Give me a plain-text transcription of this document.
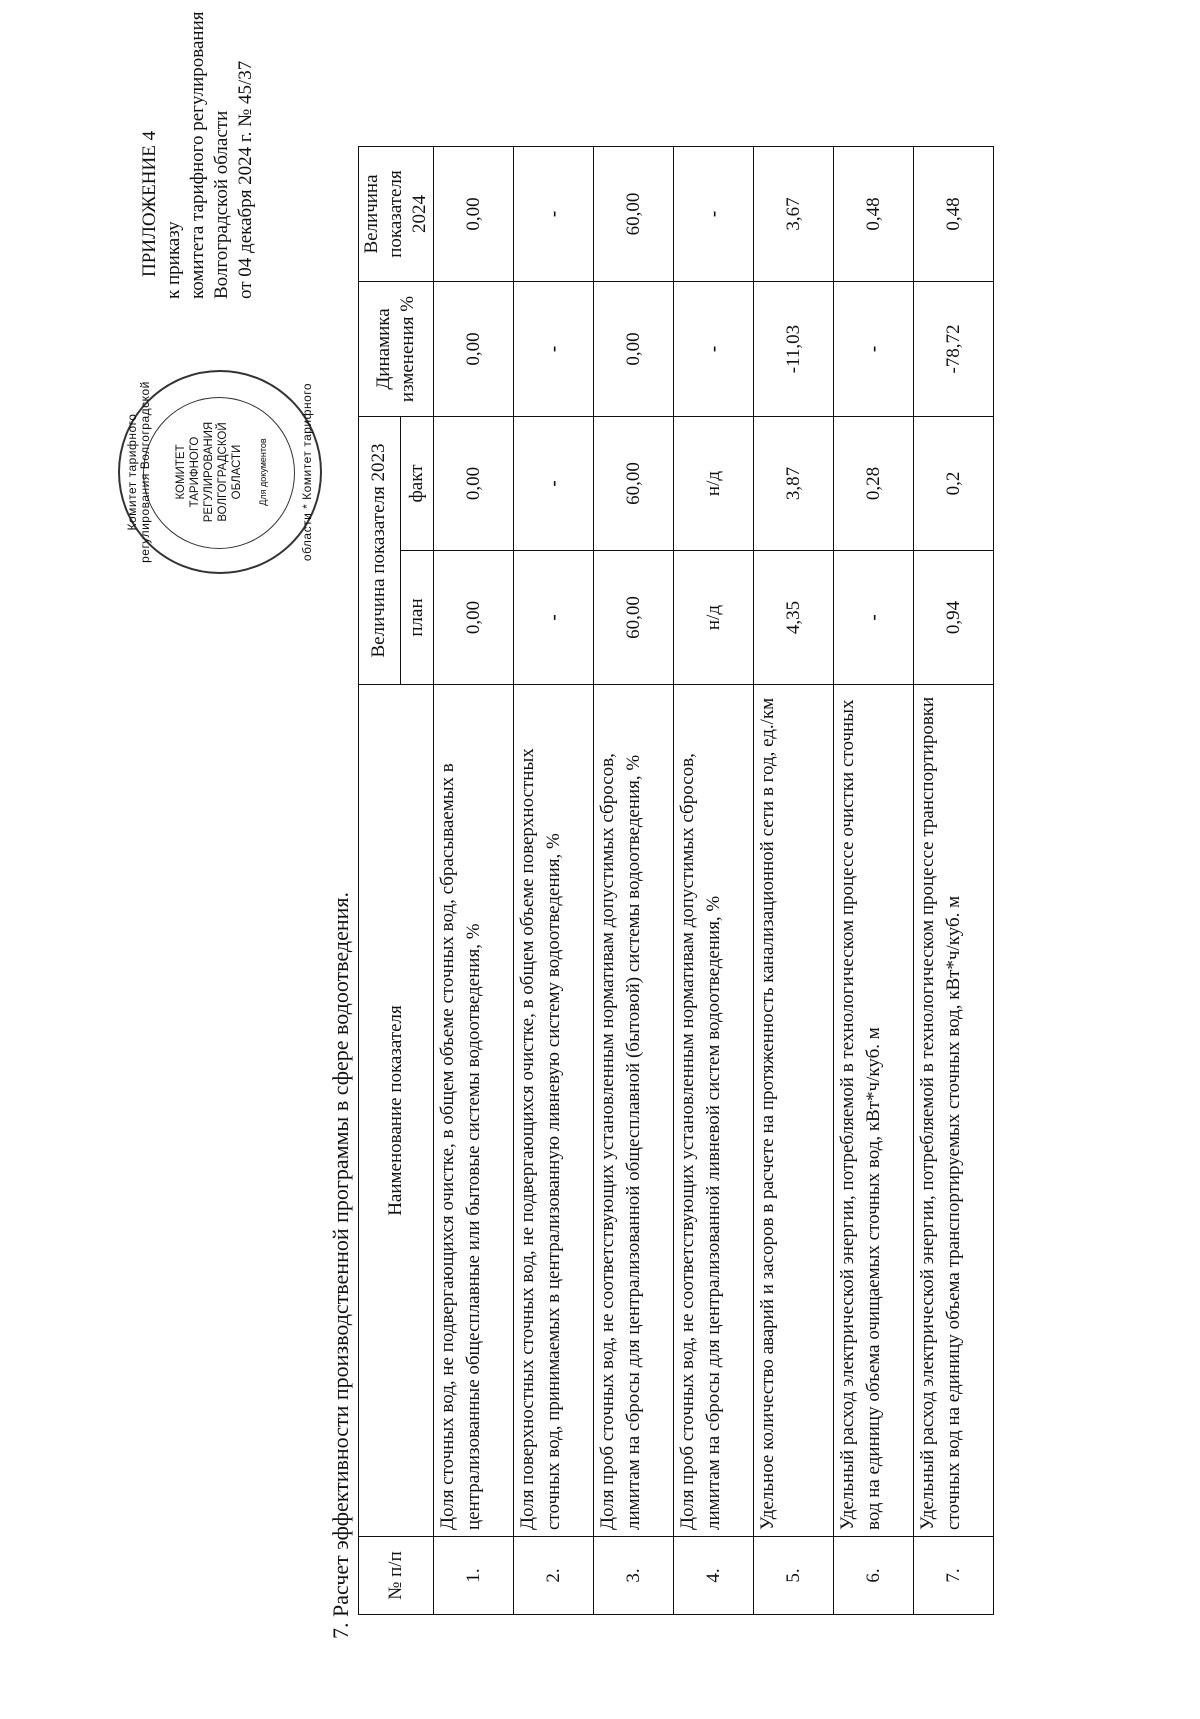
ПРИЛОЖЕНИЕ 4 к приказу комитета тарифного регулирования Волгоградской области от 04 декабря 2024 г. № 45/37
Комитет тарифного регулирования Волгоградской КОМИТЕТ ТАРИФНОГО РЕГУЛИРОВАНИЯ ВОЛГОГРАДСКОЙ ОБЛАСТИ Для документов	области * Комитет тарифного
7. Расчет эффективности производственной программы в сфере водоотведения. № п/п	Наименование показателя	Величина показателя 2023		Динамика изменения %	Величина показателя 2024
		план	факт		
1.	Доля сточных вод, не подвергающихся очистке, в общем объеме сточных вод, сбрасываемых в централизованные общесплавные или бытовые системы водоотведения, %	0,00	0,00	0,00	0,00
2.	Доля поверхностных сточных вод, не подвергающихся очистке, в общем объеме поверхностных сточных вод, принимаемых в централизованную ливневую систему водоотведения, %	-	-	-	-
3.	Доля проб сточных вод, не соответствующих установленным нормативам допустимых сбросов, лимитам на сбросы для централизованной общесплавной (бытовой) системы водоотведения, %	60,00	60,00	0,00	60,00
4.	Доля проб сточных вод, не соответствующих установленным нормативам допустимых сбросов, лимитам на сбросы для централизованной ливневой систем водоотведения, %	н/д	н/д	-	-
5.	Удельное количество аварий и засоров в расчете на протяженность канализационной сети в год, ед./км	4,35	3,87	-11,03	3,67
6.	Удельный расход электрической энергии, потребляемой в технологическом процессе очистки сточных вод на единицу объема очищаемых сточных вод, кВт*ч/куб. м	-	0,28	-	0,48
7.	Удельный расход электрической энергии, потребляемой в технологическом процессе транспортировки сточных вод на единицу объема транспортируемых сточных вод, кВт*ч/куб. м	0,94	0,2	-78,72	0,48
